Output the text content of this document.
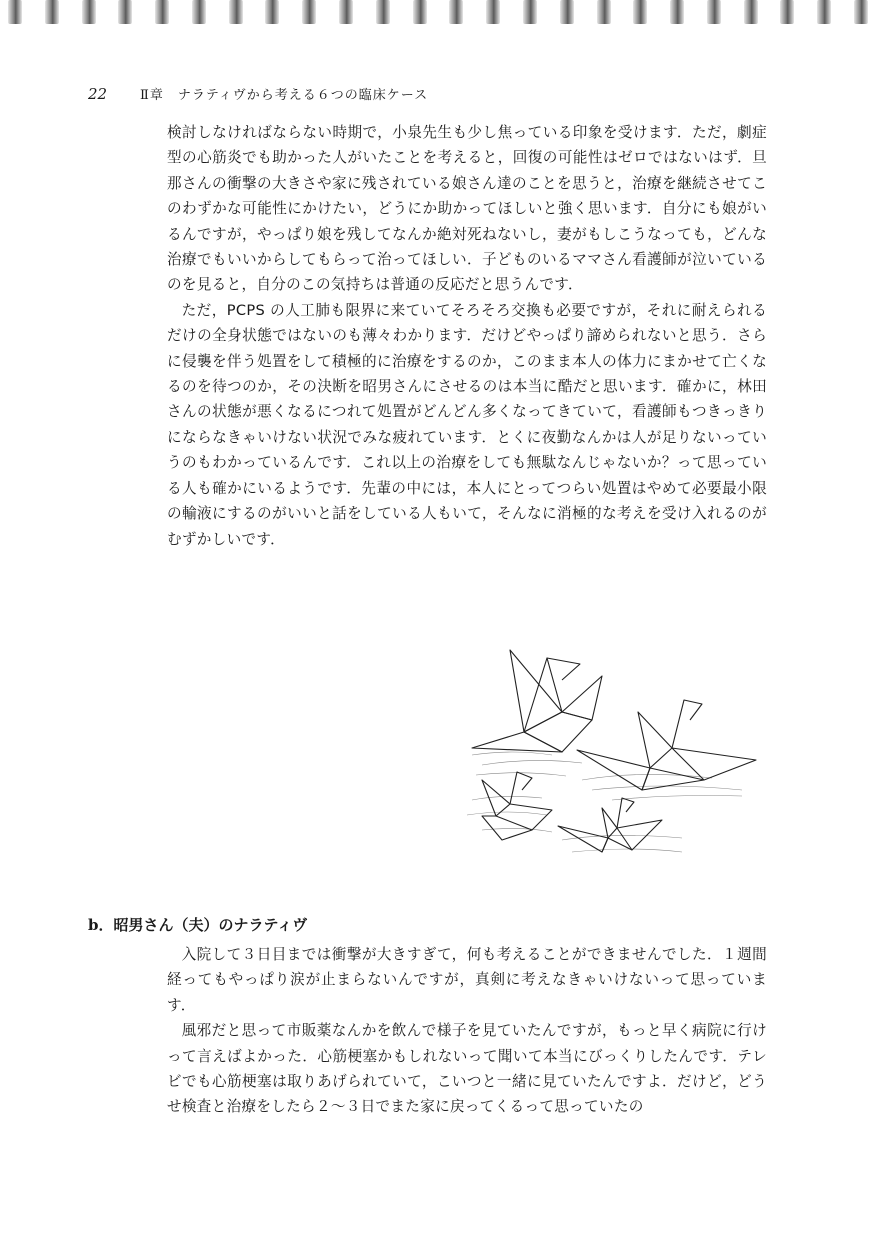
22	Ⅱ章　ナラティヴから考える６つの臨床ケース

検討しなければならない時期で，小泉先生も少し焦っている印象を受けます．ただ，劇症型の心筋炎でも助かった人がいたことを考えると，回復の可能性はゼロではないはず．旦那さんの衝撃の大きさや家に残されている娘さん達のことを思うと，治療を継続させてこのわずかな可能性にかけたい，どうにか助かってほしいと強く思います．自分にも娘がいるんですが，やっぱり娘を残してなんか絶対死ねないし，妻がもしこうなっても，どんな治療でもいいからしてもらって治ってほしい．子どものいるママさん看護師が泣いているのを見ると，自分のこの気持ちは普通の反応だと思うんです．

ただ，PCPS の人工肺も限界に来ていてそろそろ交換も必要ですが，それに耐えられるだけの全身状態ではないのも薄々わかります．だけどやっぱり諦められないと思う．さらに侵襲を伴う処置をして積極的に治療をするのか，このまま本人の体力にまかせて亡くなるのを待つのか，その決断を昭男さんにさせるのは本当に酷だと思います．確かに，林田さんの状態が悪くなるにつれて処置がどんどん多くなってきていて，看護師もつきっきりにならなきゃいけない状況でみな疲れています．とくに夜勤なんかは人が足りないっていうのもわかっているんです．これ以上の治療をしても無駄なんじゃないか？って思っている人も確かにいるようです．先輩の中には，本人にとってつらい処置はやめて必要最小限の輸液にするのがいいと話をしている人もいて，そんなに消極的な考えを受け入れるのがむずかしいです．

b．昭男さん（夫）のナラティヴ

入院して３日目までは衝撃が大きすぎて，何も考えることができませんでした．１週間経ってもやっぱり涙が止まらないんですが，真剣に考えなきゃいけないって思っています．

風邪だと思って市販薬なんかを飲んで様子を見ていたんですが，もっと早く病院に行けって言えばよかった．心筋梗塞かもしれないって聞いて本当にびっくりしたんです．テレビでも心筋梗塞は取りあげられていて，こいつと一緒に見ていたんですよ．だけど，どうせ検査と治療をしたら２〜３日でまた家に戻ってくるって思っていたの
